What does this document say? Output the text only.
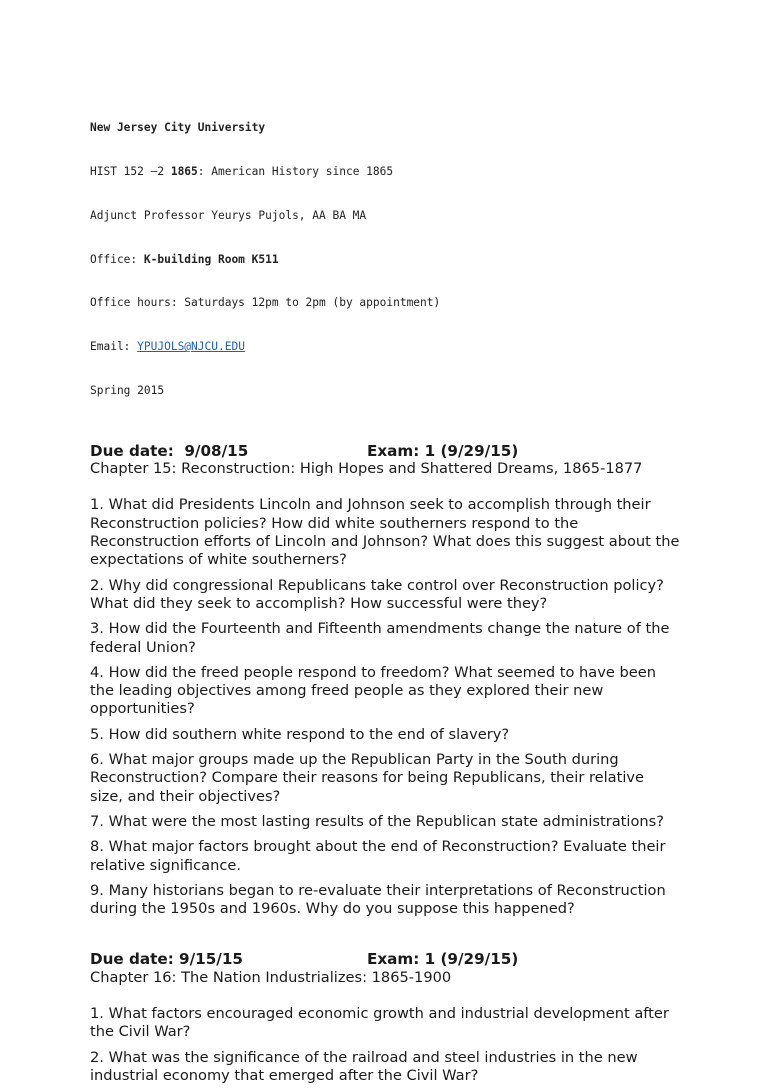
New Jersey City University

HIST 152 –2 1865: American History since 1865

Adjunct Professor Yeurys Pujols, AA BA MA

Office: K-building Room K511

Office hours: Saturdays 12pm to 2pm (by appointment)

Email: YPUJOLS@NJCU.EDU

Spring 2015

Due date:  9/08/15	Exam: 1 (9/29/15)
Chapter 15: Reconstruction: High Hopes and Shattered Dreams, 1865-1877

1. What did Presidents Lincoln and Johnson seek to accomplish through their Reconstruction policies? How did white southerners respond to the Reconstruction efforts of Lincoln and Johnson? What does this suggest about the expectations of white southerners?

2. Why did congressional Republicans take control over Reconstruction policy? What did they seek to accomplish? How successful were they?

3. How did the Fourteenth and Fifteenth amendments change the nature of the federal Union?

4. How did the freed people respond to freedom? What seemed to have been the leading objectives among freed people as they explored their new opportunities?

5. How did southern white respond to the end of slavery?

6. What major groups made up the Republican Party in the South during Reconstruction? Compare their reasons for being Republicans, their relative size, and their objectives?

7. What were the most lasting results of the Republican state administrations?

8. What major factors brought about the end of Reconstruction? Evaluate their relative significance.

9. Many historians began to re-evaluate their interpretations of Reconstruction during the 1950s and 1960s. Why do you suppose this happened?

Due date: 9/15/15	Exam: 1 (9/29/15)
Chapter 16: The Nation Industrializes: 1865-1900

1. What factors encouraged economic growth and industrial development after the Civil War?

2. What was the significance of the railroad and steel industries in the new industrial economy that emerged after the Civil War?
